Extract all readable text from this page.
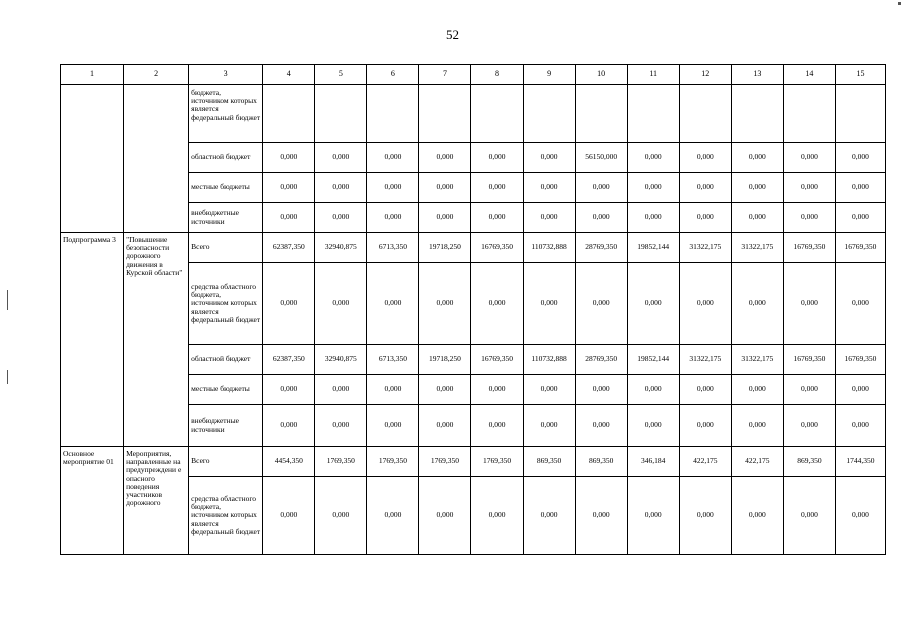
52
1	2	3	4	5	6	7	8	9	10	11	12	13	14	15
		бюджета, источником которых является федеральный бюджет												
		областной бюджет	0,000	0,000	0,000	0,000	0,000	0,000	56150,000	0,000	0,000	0,000	0,000	0,000
		местные бюджеты	0,000	0,000	0,000	0,000	0,000	0,000	0,000	0,000	0,000	0,000	0,000	0,000
		внебюджетные источники	0,000	0,000	0,000	0,000	0,000	0,000	0,000	0,000	0,000	0,000	0,000	0,000
Подпрограмма 3	"Повышение безопасности дорожного движения в Курской области"	Всего	62387,350	32940,875	6713,350	19718,250	16769,350	110732,888	28769,350	19852,144	31322,175	31322,175	16769,350	16769,350
		средства областного бюджета, источником которых является федеральный бюджет	0,000	0,000	0,000	0,000	0,000	0,000	0,000	0,000	0,000	0,000	0,000	0,000
		областной бюджет	62387,350	32940,875	6713,350	19718,250	16769,350	110732,888	28769,350	19852,144	31322,175	31322,175	16769,350	16769,350
		местные бюджеты	0,000	0,000	0,000	0,000	0,000	0,000	0,000	0,000	0,000	0,000	0,000	0,000
		внебюджетные источники	0,000	0,000	0,000	0,000	0,000	0,000	0,000	0,000	0,000	0,000	0,000	0,000
Основное мероприятие 01	Мероприятия, направленные на предупреждени е опасного поведения участников дорожного	Всего	4454,350	1769,350	1769,350	1769,350	1769,350	869,350	869,350	346,184	422,175	422,175	869,350	1744,350
		средства областного бюджета, источником которых является федеральный бюджет	0,000	0,000	0,000	0,000	0,000	0,000	0,000	0,000	0,000	0,000	0,000	0,000
